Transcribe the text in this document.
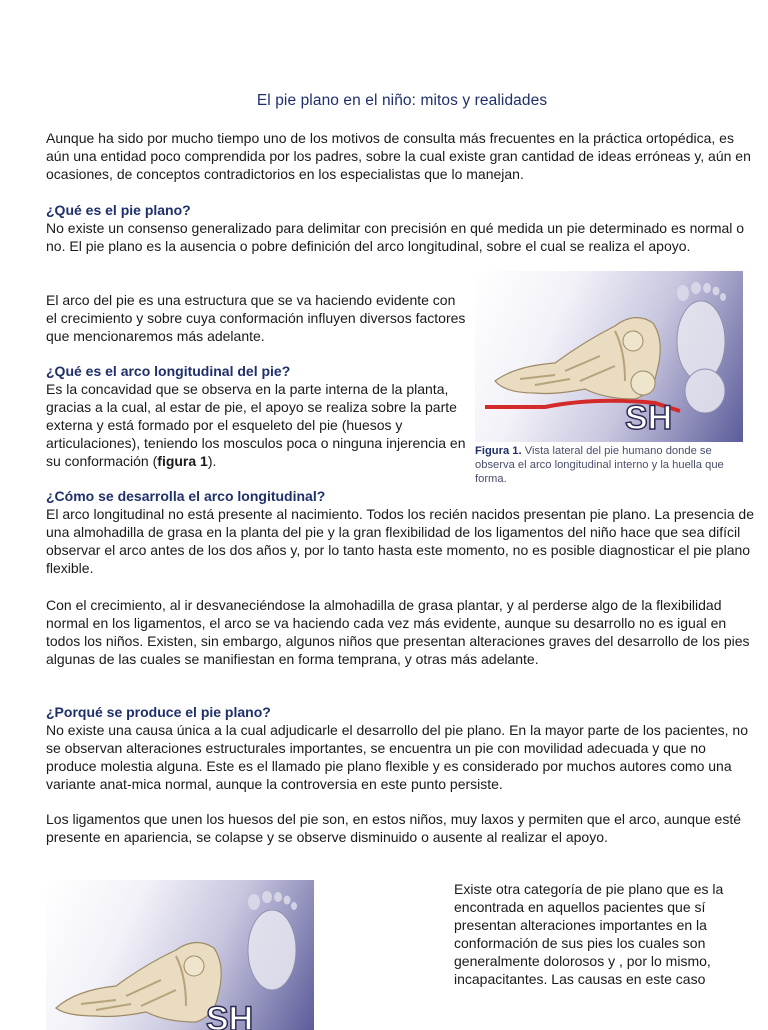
El pie plano en el niño: mitos y realidades

Aunque ha sido por mucho tiempo uno de los motivos de consulta más frecuentes en la práctica ortopédica, es aún una entidad poco comprendida por los padres, sobre la cual existe gran cantidad de ideas erróneas y, aún en ocasiones, de conceptos contradictorios en los especialistas que lo manejan.

¿Qué es el pie plano?

No existe un consenso generalizado para delimitar con precisión en qué medida un pie determinado es normal o no. El pie plano es la ausencia o pobre definición del arco longitudinal, sobre el cual se realiza el apoyo.

El arco del pie es una estructura que se va haciendo evidente con el crecimiento y sobre cuya conformación influyen diversos factores que mencionaremos más adelante.

¿Qué es el arco longitudinal del pie?

Es la concavidad que se observa en la parte interna de la planta, gracias a la cual, al estar de pie, el apoyo se realiza sobre la parte externa y está formado por el esqueleto del pie (huesos y articulaciones), teniendo los mosculos poca o ninguna injerencia en su conformación (figura 1).

SH
Figura 1. Vista lateral del pie humano donde se observa el arco longitudinal interno y la huella que forma.

¿Cómo se desarrolla el arco longitudinal?

El arco longitudinal no está presente al nacimiento. Todos los recién nacidos presentan pie plano. La presencia de una almohadilla de grasa en la planta del pie y la gran flexibilidad de los ligamentos del niño hace que sea difícil observar el arco antes de los dos años y, por lo tanto hasta este momento, no es posible diagnosticar el pie plano flexible.

Con el crecimiento, al ir desvaneciéndose la almohadilla de grasa plantar, y al perderse algo de la flexibilidad normal en los ligamentos, el arco se va haciendo cada vez más evidente, aunque su desarrollo no es igual en todos los niños. Existen, sin embargo, algunos niños que presentan alteraciones graves del desarrollo de los pies algunas de las cuales se manifiestan en forma temprana, y otras más adelante.

¿Porqué se produce el pie plano?

No existe una causa única a la cual adjudicarle el desarrollo del pie plano. En la mayor parte de los pacientes, no se observan alteraciones estructurales importantes, se encuentra un pie con movilidad adecuada y que no produce molestia alguna. Este es el llamado pie plano flexible y es considerado por muchos autores como una variante anat-mica normal, aunque la controversia en este punto persiste.

Los ligamentos que unen los huesos del pie son, en estos niños, muy laxos y permiten que el arco, aunque esté presente en apariencia, se colapse y se observe disminuido o ausente al realizar el apoyo.

SH

Existe otra categoría de pie plano que es la encontrada en aquellos pacientes que sí presentan alteraciones importantes en la conformación de sus pies los cuales son generalmente dolorosos y , por lo mismo, incapacitantes. Las causas en este caso
